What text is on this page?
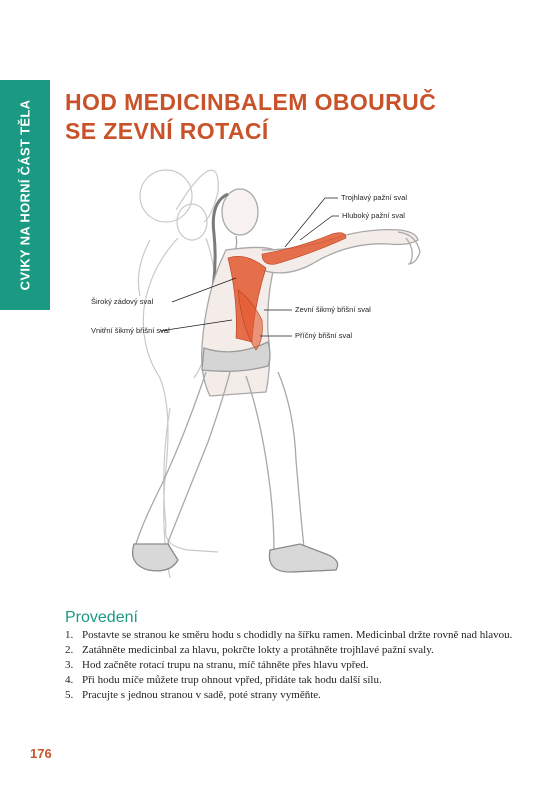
CVIKY NA HORNÍ ČÁST TĚLA HOD MEDICINBALEM OBOURUČ
SE ZEVNÍ ROTACÍ
Trojhlavý pažní sval
Hluboký pažní sval
Široký zádový sval
Zevní šikmý břišní sval
Vnitřní šikmý břišní sval
Příčný břišní sval
Provedení
1. Postavte se stranou ke směru hodu s chodidly na šířku ramen. Medicinbal držte rovně nad hlavou.
2. Zatáhněte medicinbal za hlavu, pokrčte lokty a protáhněte trojhlavé pažní svaly.
3. Hod začněte rotací trupu na stranu, míč táhněte přes hlavu vpřed.
4. Při hodu míče můžete trup ohnout vpřed, přidáte tak hodu další sílu.
5. Pracujte s jednou stranou v sadě, poté strany vyměňte.
176
